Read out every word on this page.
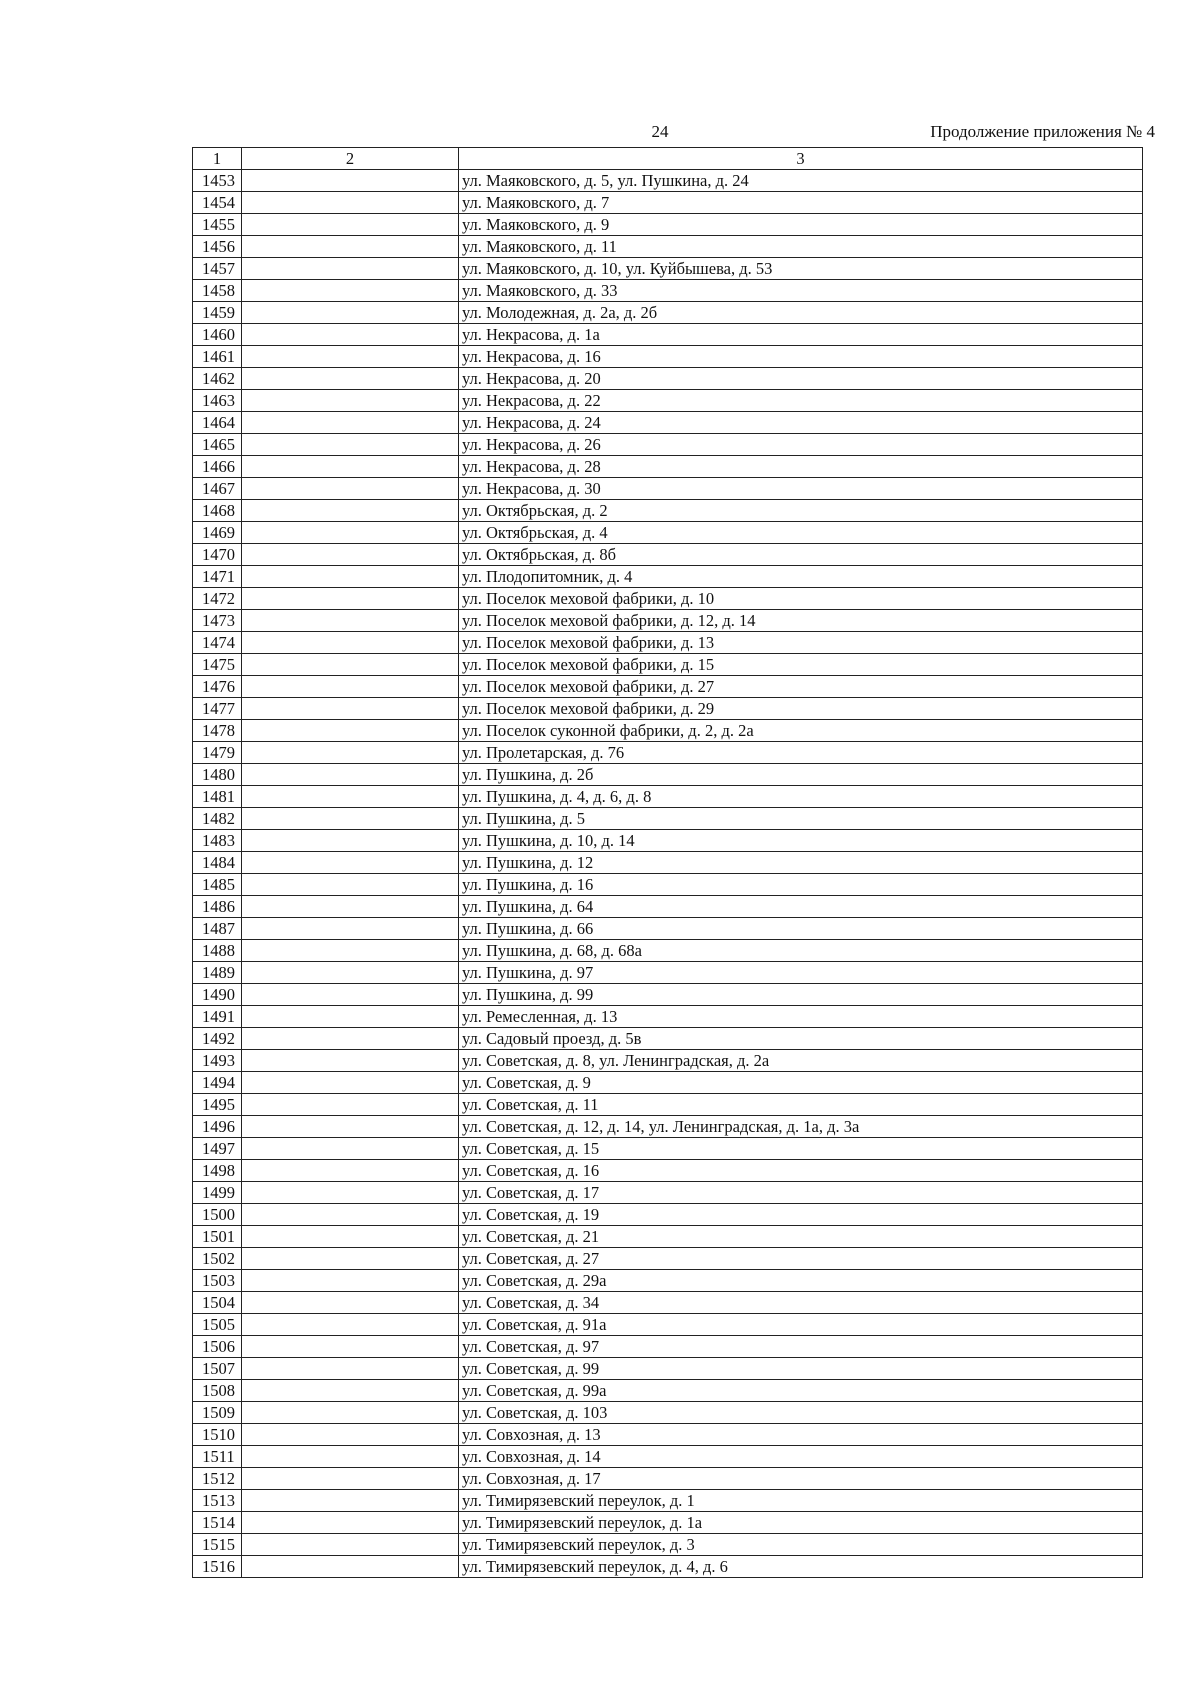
24	Продолжение приложения № 4
1	2	3
1453		ул. Маяковского, д. 5, ул. Пушкина, д. 24
1454		ул. Маяковского, д. 7
1455		ул. Маяковского, д. 9
1456		ул. Маяковского, д. 11
1457		ул. Маяковского, д. 10, ул. Куйбышева, д. 53
1458		ул. Маяковского, д. 33
1459		ул. Молодежная, д. 2а, д. 2б
1460		ул. Некрасова, д. 1а
1461		ул. Некрасова, д. 16
1462		ул. Некрасова, д. 20
1463		ул. Некрасова, д. 22
1464		ул. Некрасова, д. 24
1465		ул. Некрасова, д. 26
1466		ул. Некрасова, д. 28
1467		ул. Некрасова, д. 30
1468		ул. Октябрьская, д. 2
1469		ул. Октябрьская, д. 4
1470		ул. Октябрьская, д. 8б
1471		ул. Плодопитомник, д. 4
1472		ул. Поселок меховой фабрики, д. 10
1473		ул. Поселок меховой фабрики, д. 12, д. 14
1474		ул. Поселок меховой фабрики, д. 13
1475		ул. Поселок меховой фабрики, д. 15
1476		ул. Поселок меховой фабрики, д. 27
1477		ул. Поселок меховой фабрики, д. 29
1478		ул. Поселок суконной фабрики, д. 2, д. 2а
1479		ул. Пролетарская, д. 76
1480		ул. Пушкина, д. 2б
1481		ул. Пушкина, д. 4, д. 6, д. 8
1482		ул. Пушкина, д. 5
1483		ул. Пушкина, д. 10, д. 14
1484		ул. Пушкина, д. 12
1485		ул. Пушкина, д. 16
1486		ул. Пушкина, д. 64
1487		ул. Пушкина, д. 66
1488		ул. Пушкина, д. 68, д. 68а
1489		ул. Пушкина, д. 97
1490		ул. Пушкина, д. 99
1491		ул. Ремесленная, д. 13
1492		ул. Садовый проезд, д. 5в
1493		ул. Советская, д. 8, ул. Ленинградская, д. 2а
1494		ул. Советская, д. 9
1495		ул. Советская, д. 11
1496		ул. Советская, д. 12, д. 14, ул. Ленинградская, д. 1а, д. 3а
1497		ул. Советская, д. 15
1498		ул. Советская, д. 16
1499		ул. Советская, д. 17
1500		ул. Советская, д. 19
1501		ул. Советская, д. 21
1502		ул. Советская, д. 27
1503		ул. Советская, д. 29а
1504		ул. Советская, д. 34
1505		ул. Советская, д. 91а
1506		ул. Советская, д. 97
1507		ул. Советская, д. 99
1508		ул. Советская, д. 99а
1509		ул. Советская, д. 103
1510		ул. Совхозная, д. 13
1511		ул. Совхозная, д. 14
1512		ул. Совхозная, д. 17
1513		ул. Тимирязевский переулок, д. 1
1514		ул. Тимирязевский переулок, д. 1а
1515		ул. Тимирязевский переулок, д. 3
1516		ул. Тимирязевский переулок, д. 4, д. 6
